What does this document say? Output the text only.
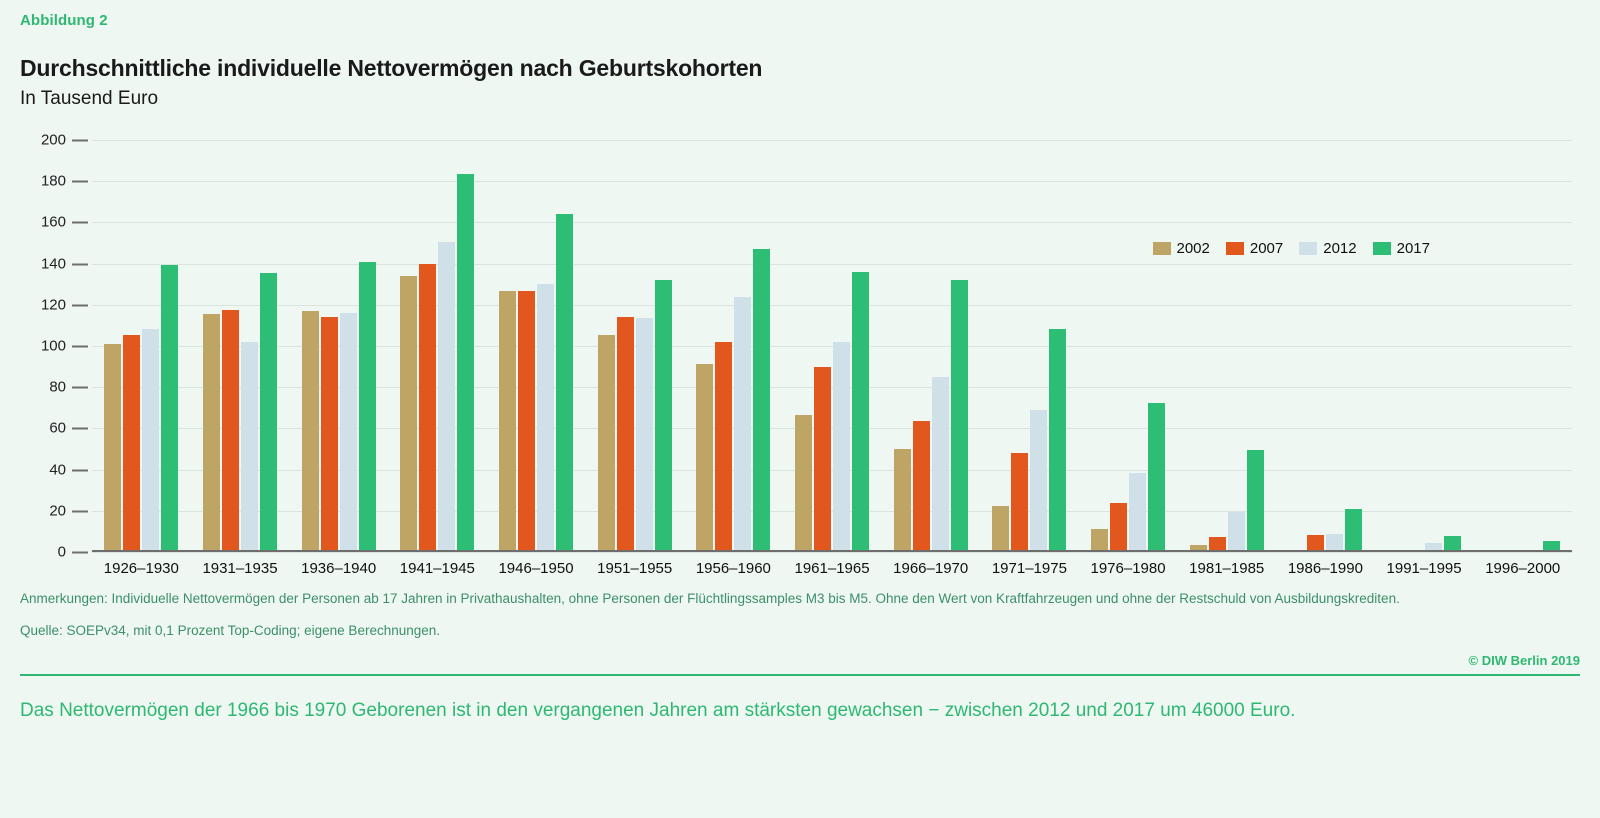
Abbildung 2
Durchschnittliche individuelle Nettovermögen nach Geburtskohorten
In Tausend Euro
0
20
40
60
80
100
120
140
160
180
200
1926–1930	1931–1935	1936–1940	1941–1945	1946–1950	1951–1955	1956–1960	1961–1965	1966–1970	1971–1975	1976–1980	1981–1985	1986–1990	1991–1995	1996–2000
2002	2007	2012	2017
Anmerkungen: Individuelle Nettovermögen der Personen ab 17 Jahren in Privathaushalten, ohne Personen der Flüchtlingssamples M3 bis M5. Ohne den Wert von Kraftfahrzeugen und ohne der Restschuld von Ausbildungskrediten.
Quelle: SOEPv34, mit 0,1 Prozent Top-Coding; eigene Berechnungen.
© DIW Berlin 2019
Das Nettovermögen der 1966 bis 1970 Geborenen ist in den vergangenen Jahren am stärksten gewachsen − zwischen 2012 und 2017 um 46000 Euro.
